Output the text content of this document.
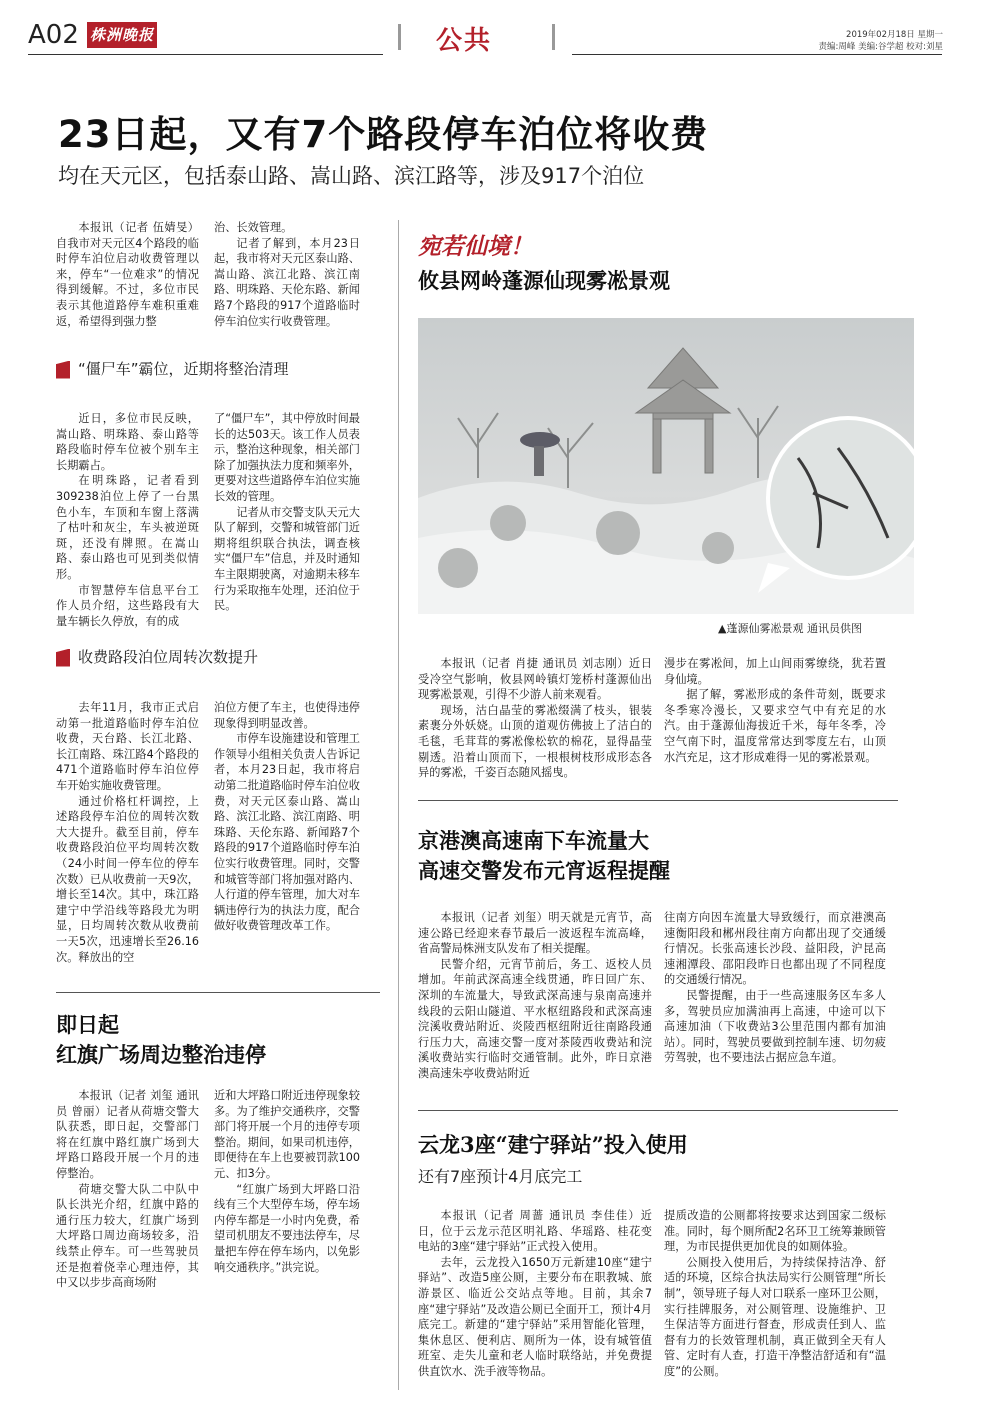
A02 株洲晚报	公共	2019年02月18日 星期一
责编:周峰 美编:谷学超 校对:刘星
23日起，又有7个路段停车泊位将收费
均在天元区，包括泰山路、嵩山路、滨江路等，涉及917个泊位

本报讯（记者 伍婧旻）自我市对天元区4个路段的临时停车泊位启动收费管理以来，停车“一位难求”的情况得到缓解。不过，多位市民表示其他道路停车难积重难返，希望得到强力整

治、长效管理。

记者了解到，本月23日起，我市将对天元区泰山路、嵩山路、滨江北路、滨江南路、明珠路、天伦东路、新闻路7个路段的917个道路临时停车泊位实行收费管理。

“僵尸车”霸位，近期将整治清理

近日，多位市民反映，嵩山路、明珠路、泰山路等路段临时停车位被个别车主长期霸占。

在明珠路，记者看到309238泊位上停了一台黑色小车，车顶和车窗上落满了枯叶和灰尘，车头被逆斑斑，还没有牌照。在嵩山路、泰山路也可见到类似情形。

市智慧停车信息平台工作人员介绍，这些路段有大量车辆长久停放，有的成

了“僵尸车”，其中停放时间最长的达503天。该工作人员表示，整治这种现象，相关部门除了加强执法力度和频率外，更要对这些道路停车泊位实施长效的管理。

记者从市交警支队天元大队了解到，交警和城管部门近期将组织联合执法，调查核实“僵尸车”信息，并及时通知车主限期驶离，对逾期未移车行为采取拖车处理，还泊位于民。

收费路段泊位周转次数提升

去年11月，我市正式启动第一批道路临时停车泊位收费，天台路、长江北路、长江南路、珠江路4个路段的471个道路临时停车泊位停车开始实施收费管理。

通过价格杠杆调控，上述路段停车泊位的周转次数大大提升。截至目前，停车收费路段泊位平均周转次数（24小时间一停车位的停车次数）已从收费前一天9次，增长至14次。其中，珠江路建宁中学沿线等路段尤为明显，日均周转次数从收费前一天5次，迅速增长至26.16次。释放出的空

泊位方便了车主，也使得违停现象得到明显改善。

市停车设施建设和管理工作领导小组相关负责人告诉记者，本月23日起，我市将启动第二批道路临时停车泊位收费，对天元区泰山路、嵩山路、滨江北路、滨江南路、明珠路、天伦东路、新闻路7个路段的917个道路临时停车泊位实行收费管理。同时，交警和城管等部门将加强对路内、人行道的停车管理，加大对车辆违停行为的执法力度，配合做好收费管理改革工作。

即日起
红旗广场周边整治违停

本报讯（记者 刘玺 通讯员 曾丽）记者从荷塘交警大队获悉，即日起，交警部门将在红旗中路红旗广场到大坪路口路段开展一个月的违停整治。

荷塘交警大队二中队中队长洪光介绍，红旗中路的通行压力较大，红旗广场到大坪路口周边商场较多，沿线禁止停车。可一些驾驶员还是抱着侥幸心理违停，其中又以步步高商场附

近和大坪路口附近违停现象较多。为了维护交通秩序，交警部门将开展一个月的违停专项整治。期间，如果司机违停，即便待在车上也要被罚款100元、扣3分。

“红旗广场到大坪路口沿线有三个大型停车场，停车场内停车都是一小时内免费，希望司机朋友不要违法停车，尽量把车停在停车场内，以免影响交通秩序。”洪完说。

宛若仙境！
攸县网岭蓬源仙现雾凇景观
▲蓬源仙雾凇景观 通讯员供图

本报讯（记者 肖捷 通讯员 刘志刚）近日受冷空气影响，攸县网岭镇灯笼桥村蓬源仙出现雾凇景观，引得不少游人前来观看。

现场，沽白晶莹的雾凇缀满了枝头，银装素裹分外妖娆。山顶的道观仿佛披上了洁白的毛毯，毛茸茸的雾凇像松软的棉花，显得晶莹剔透。沿着山顶而下，一根根树枝形成形态各异的雾凇，千姿百态随风摇曳。

漫步在雾凇间，加上山间雨雾缭绕，犹若置身仙境。

据了解，雾凇形成的条件苛刻，既要求冬季寒冷漫长，又要求空气中有充足的水汽。由于蓬源仙海拔近千米，每年冬季，冷空气南下时，温度常常达到零度左右，山顶水汽充足，这才形成难得一见的雾凇景观。

京港澳高速南下车流量大
高速交警发布元宵返程提醒

本报讯（记者 刘玺）明天就是元宵节，高速公路已经迎来春节最后一波返程车流高峰，省高警局株洲支队发布了相关提醒。

民警介绍，元宵节前后，务工、返校人员增加。年前武深高速全线贯通，昨日回广东、深圳的车流量大，导致武深高速与泉南高速并线段的云阳山隧道、平水枢纽路段和武深高速浣溪收费站附近、炎陵西枢纽附近往南路段通行压力大，高速交警一度对茶陵西收费站和浣溪收费站实行临时交通管制。此外，昨日京港澳高速朱亭收费站附近

往南方向因车流量大导致缓行，而京港澳高速衡阳段和郴州段往南方向都出现了交通缓行情况。长张高速长沙段、益阳段，沪昆高速湘潭段、邵阳段昨日也都出现了不同程度的交通缓行情况。

民警提醒，由于一些高速服务区车多人多，驾驶员应加满油再上高速，中途可以下高速加油（下收费站3公里范围内都有加油站）。同时，驾驶员要做到控制车速、切勿疲劳驾驶，也不要违法占据应急车道。

云龙3座“建宁驿站”投入使用
还有7座预计4月底完工

本报讯（记者 周蔷 通讯员 李佳佳）近日，位于云龙示范区明礼路、华瑶路、桂花变电站的3座“建宁驿站”正式投入使用。

去年，云龙投入1650万元新建10座“建宁驿站”、改造5座公厕，主要分布在职教城、旅游景区、临近公交站点等地。目前，其余7座“建宁驿站”及改造公厕已全面开工，预计4月底完工。新建的“建宁驿站”采用智能化管理，集休息区、便利店、厕所为一体，设有城管值班室、走失儿童和老人临时联络站，并免费提供直饮水、洗手液等物品。

提质改造的公厕都将按要求达到国家二级标准。同时，每个厕所配2名环卫工统筹兼顾管理，为市民提供更加优良的如厕体验。

公厕投入使用后，为持续保持洁净、舒适的环境，区综合执法局实行公厕管理“所长制”，领导班子每人对口联系一座环卫公厕，实行挂牌服务，对公厕管理、设施维护、卫生保洁等方面进行督查，形成责任到人、监督有力的长效管理机制，真正做到全天有人管、定时有人查，打造干净整洁舒适和有“温度”的公厕。
